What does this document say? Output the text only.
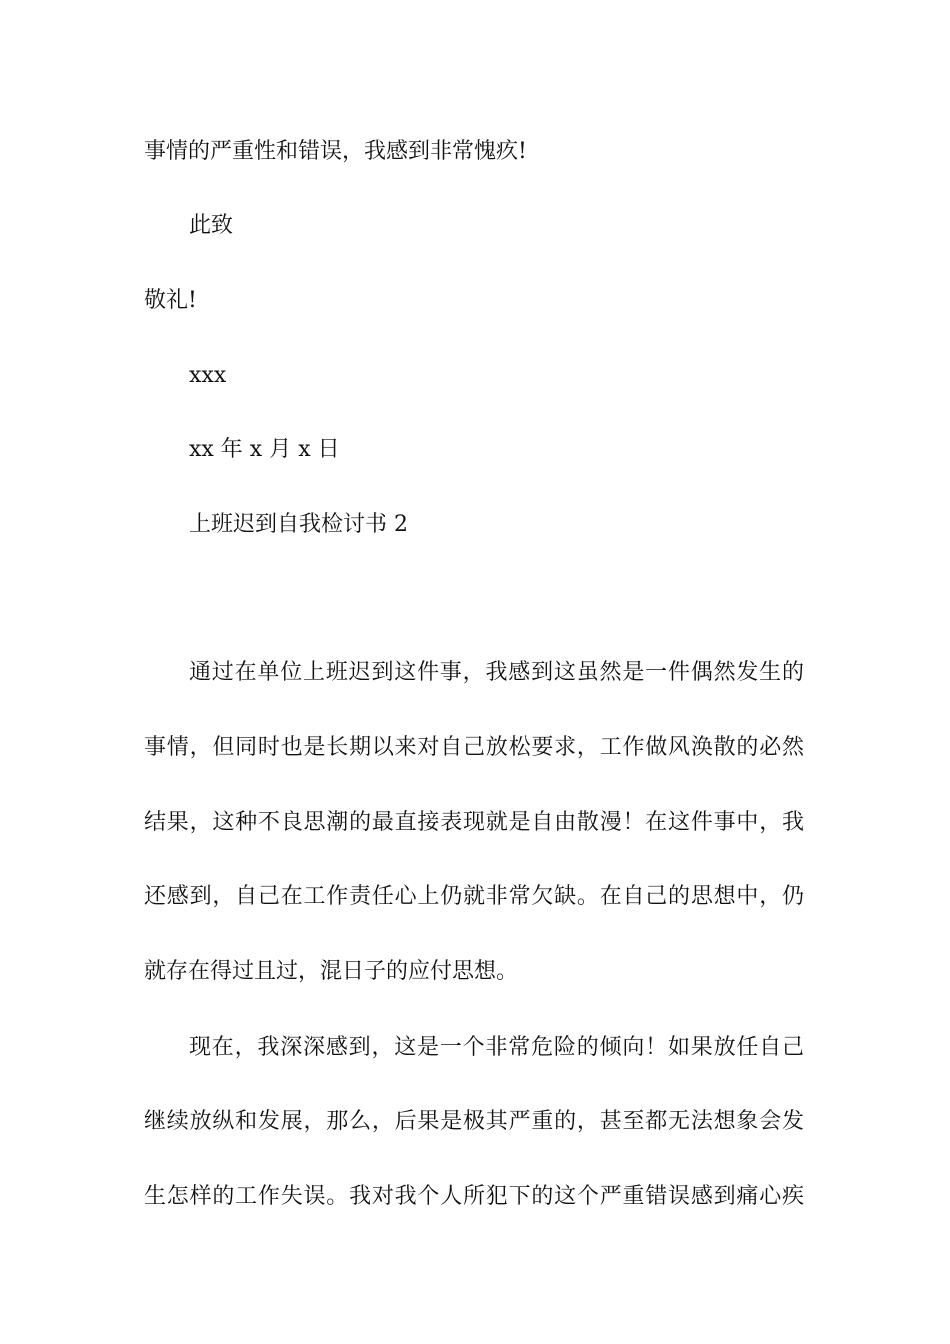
事情的严重性和错误，我感到非常愧疚!

此致

敬礼!

xxx

xx 年 x 月 x 日

上班迟到自我检讨书 2

通过在单位上班迟到这件事，我感到这虽然是一件偶然发生的

事情，但同时也是长期以来对自己放松要求，工作做风涣散的必然

结果，这种不良思潮的最直接表现就是自由散漫！在这件事中，我

还感到，自己在工作责任心上仍就非常欠缺。在自己的思想中，仍

就存在得过且过，混日子的应付思想。

现在，我深深感到，这是一个非常危险的倾向！如果放任自己

继续放纵和发展，那么，后果是极其严重的，甚至都无法想象会发

生怎样的工作失误。我对我个人所犯下的这个严重错误感到痛心疾
